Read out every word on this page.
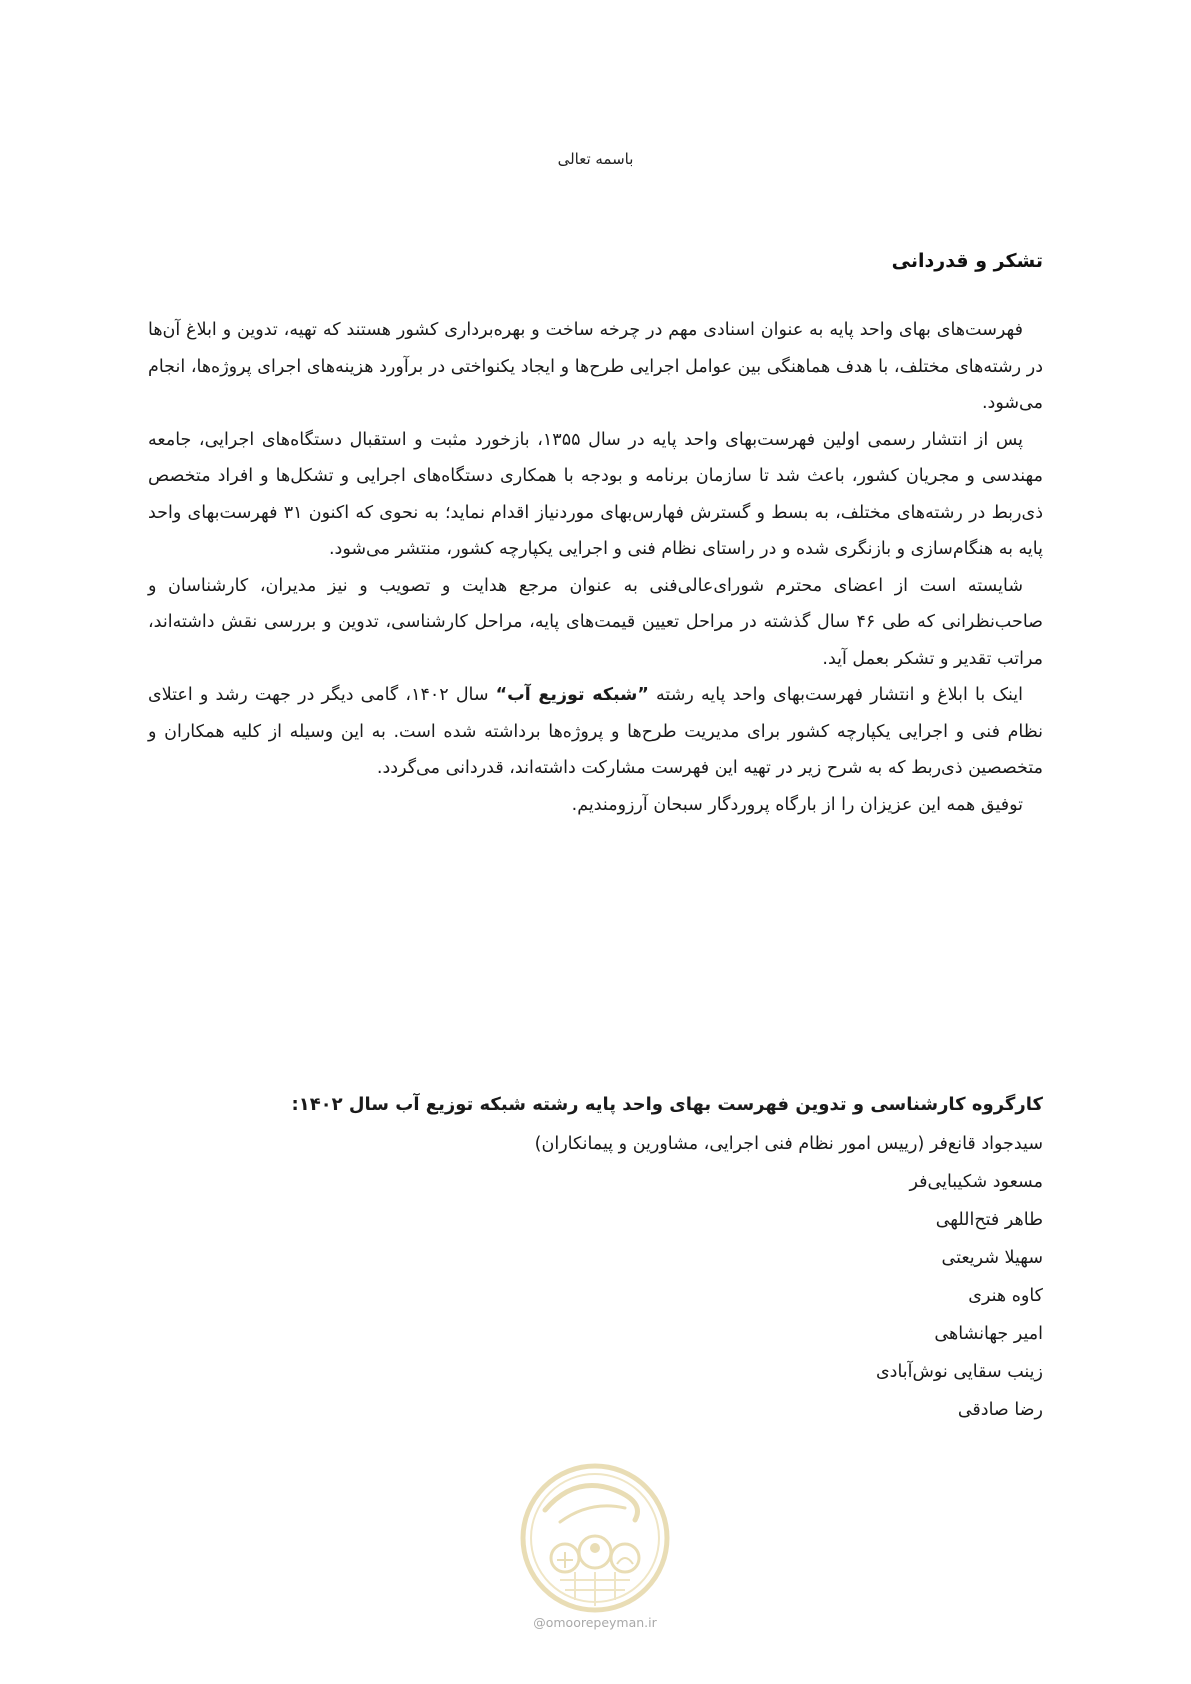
باسمه تعالی
تشکر و قدردانی

فهرست‌های بهای واحد پایه به عنوان اسنادی مهم در چرخه ساخت و بهره‌برداری کشور هستند که تهیه، تدوین و ابلاغ آن‌ها در رشته‌های مختلف، با هدف هماهنگی بین عوامل اجرایی طرح‌ها و ایجاد یکنواختی در برآورد هزینه‌های اجرای پروژه‌ها، انجام می‌شود.

پس از انتشار رسمی اولین فهرست‌بهای واحد پایه در سال ۱۳۵۵، بازخورد مثبت و استقبال دستگاه‌های اجرایی، جامعه مهندسی و مجریان کشور، باعث شد تا سازمان برنامه و بودجه با همکاری دستگاه‌های اجرایی و تشکل‌ها و افراد متخصص ذی‌ربط در رشته‌های مختلف، به بسط و گسترش فهارس‌بهای موردنیاز اقدام نماید؛ به نحوی که اکنون ۳۱ فهرست‌بهای واحد پایه به هنگام‌سازی و بازنگری شده و در راستای نظام فنی و اجرایی یکپارچه کشور، منتشر می‌شود.

شایسته است از اعضای محترم شورای‌عالی‌فنی به عنوان مرجع هدایت و تصویب و نیز مدیران، کارشناسان و صاحب‌نظرانی که طی ۴۶ سال گذشته در مراحل تعیین قیمت‌های پایه، مراحل کارشناسی، تدوین و بررسی نقش داشته‌اند، مراتب تقدیر و تشکر بعمل آید.

اینک با ابلاغ و انتشار فهرست‌بهای واحد پایه رشته ”شبکه توزیع آب“ سال ۱۴۰۲، گامی دیگر در جهت رشد و اعتلای نظام فنی و اجرایی یکپارچه کشور برای مدیریت طرح‌ها و پروژه‌ها برداشته شده است. به این وسیله از کلیه همکاران و متخصصین ذی‌ربط که به شرح زیر در تهیه این فهرست مشارکت داشته‌اند، قدردانی می‌گردد.

توفیق همه این عزیزان را از بارگاه پروردگار سبحان آرزومندیم.

کارگروه کارشناسی و تدوین فهرست بهای واحد پایه رشته شبکه توزیع آب سال ۱۴۰۲:
سیدجواد قانع‌فر (رییس امور نظام فنی اجرایی، مشاورین و پیمانکاران)
مسعود شکیبایی‌فر
طاهر فتح‌اللهی
سهیلا شریعتی
کاوه هنری
امیر جهانشاهی
زینب سقایی نوش‌آبادی
رضا صادقی
@omoorepeyman.ir
